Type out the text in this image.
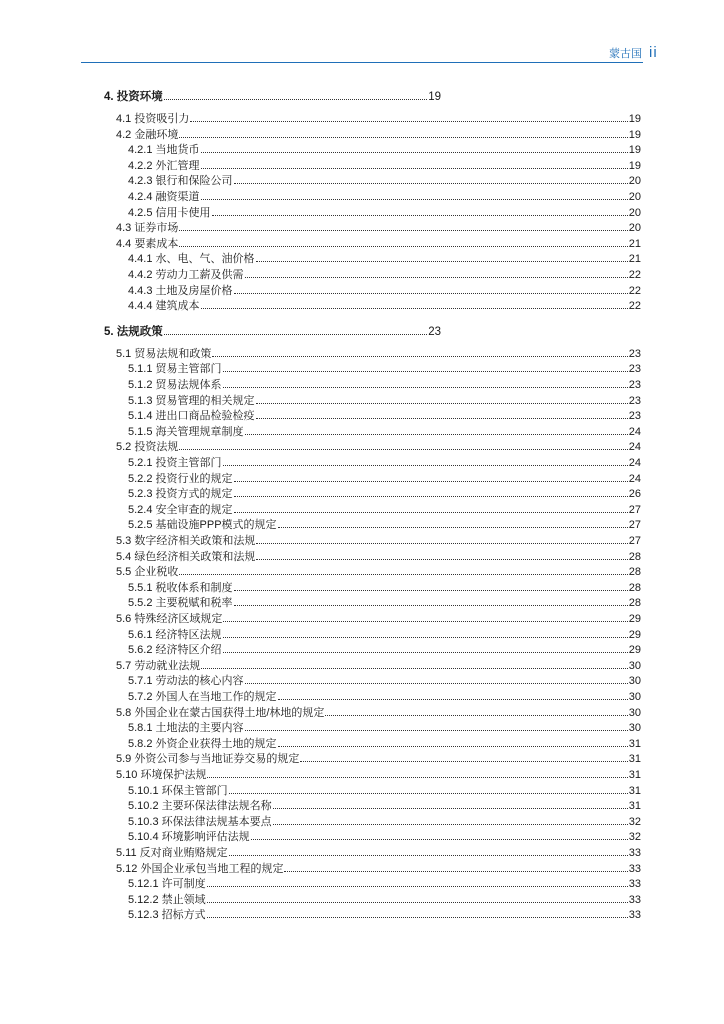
蒙古国 ii
4. 投资环境	19
4.1 投资吸引力	19
4.2 金融环境	19
4.2.1 当地货币	19
4.2.2 外汇管理	19
4.2.3 银行和保险公司	20
4.2.4 融资渠道	20
4.2.5 信用卡使用	20
4.3 证券市场	20
4.4 要素成本	21
4.4.1 水、电、气、油价格	21
4.4.2 劳动力工薪及供需	22
4.4.3 土地及房屋价格	22
4.4.4 建筑成本	22
5. 法规政策	23
5.1 贸易法规和政策	23
5.1.1 贸易主管部门	23
5.1.2 贸易法规体系	23
5.1.3 贸易管理的相关规定	23
5.1.4 进出口商品检验检疫	23
5.1.5 海关管理规章制度	24
5.2 投资法规	24
5.2.1 投资主管部门	24
5.2.2 投资行业的规定	24
5.2.3 投资方式的规定	26
5.2.4 安全审查的规定	27
5.2.5 基础设施PPP模式的规定	27
5.3 数字经济相关政策和法规	27
5.4 绿色经济相关政策和法规	28
5.5 企业税收	28
5.5.1 税收体系和制度	28
5.5.2 主要税赋和税率	28
5.6 特殊经济区域规定	29
5.6.1 经济特区法规	29
5.6.2 经济特区介绍	29
5.7 劳动就业法规	30
5.7.1 劳动法的核心内容	30
5.7.2 外国人在当地工作的规定	30
5.8 外国企业在蒙古国获得土地/林地的规定	30
5.8.1 土地法的主要内容	30
5.8.2 外资企业获得土地的规定	31
5.9 外资公司参与当地证券交易的规定	31
5.10 环境保护法规	31
5.10.1 环保主管部门	31
5.10.2 主要环保法律法规名称	31
5.10.3 环保法律法规基本要点	32
5.10.4 环境影响评估法规	32
5.11 反对商业贿赂规定	33
5.12 外国企业承包当地工程的规定	33
5.12.1 许可制度	33
5.12.2 禁止领域	33
5.12.3 招标方式	33
